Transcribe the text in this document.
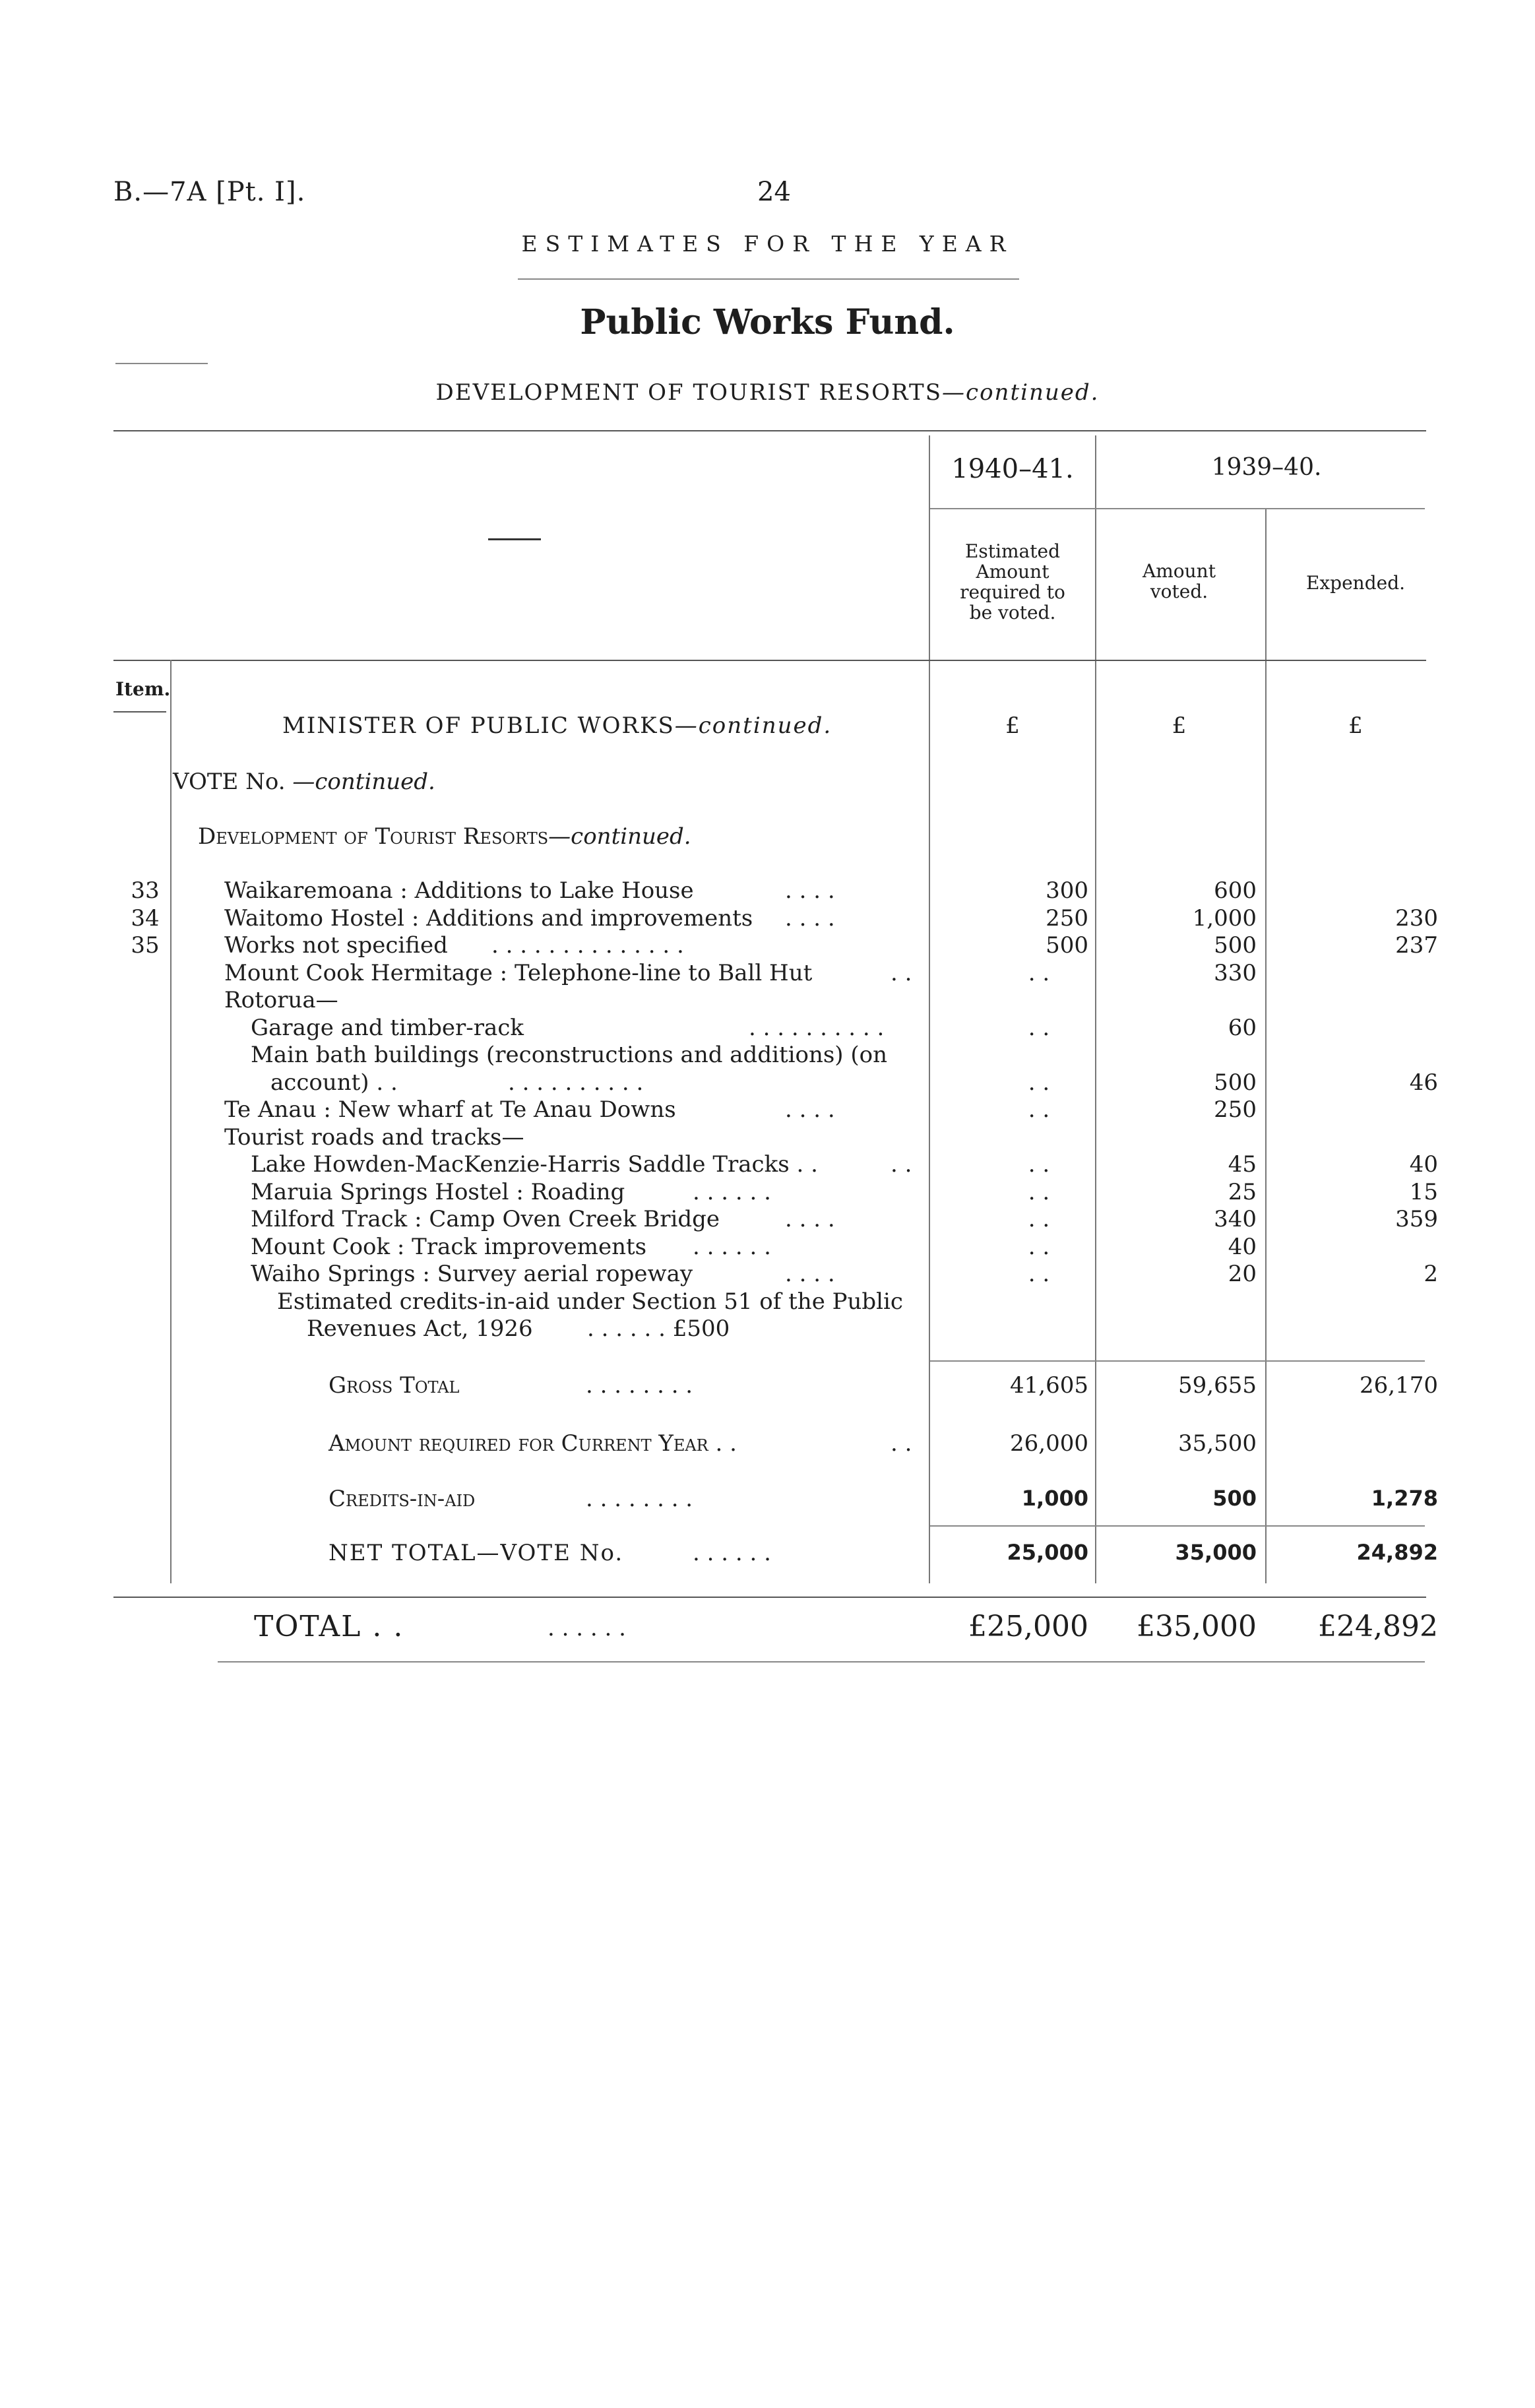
B.—7A [Pt. I].	24
ESTIMATES FOR THE YEAR
Public Works Fund.
DEVELOPMENT OF TOURIST RESORTS—continued.
1940–41.	1939–40.
Estimated
Amount
required to
be voted.
Amount
voted.	Expended.
Item.
MINISTER OF PUBLIC WORKS—continued.	£	£	£
VOTE No. —continued.
Development of Tourist Resorts—continued.
33	Waikaremoana : Additions to Lake House	. . . .	300	600
34	Waitomo Hostel : Additions and improvements . . . .	250	1,000	230
35	Works not specified . . . . . . . . . . . . . .	500	500	237
Mount Cook Hermitage : Telephone-line to Ball Hut	. .	. .	330
Rotorua—
Garage and timber-rack	. . . . . . . . . .	. .	60
Main bath buildings (reconstructions and additions) (on
account) . .	. . . . . . . . . .	. .	500	46
Te Anau : New wharf at Te Anau Downs	. . . .	. .	250
Tourist roads and tracks—
Lake Howden-MacKenzie-Harris Saddle Tracks . .	. .	. .	45	40
Maruia Springs Hostel : Roading	. . . . . .	. .	25	15
Milford Track : Camp Oven Creek Bridge	. . . .	. .	340	359
Mount Cook : Track improvements . . . . . .	. .	40
Waiho Springs : Survey aerial ropeway	. . . .	. .	20	2
Estimated credits-in-aid under Section 51 of the Public
Revenues Act, 1926 . . . . . . £500
Gross Total	. . . . . . . .	41,605	59,655	26,170
Amount required for Current Year . .	. .	26,000	35,500
Credits-in-aid	. . . . . . . .	1,000	500	1,278
NET TOTAL—VOTE No.	. . . . . .	25,000	35,000	24,892
TOTAL . .	. . . . . .	£25,000	£35,000	£24,892
